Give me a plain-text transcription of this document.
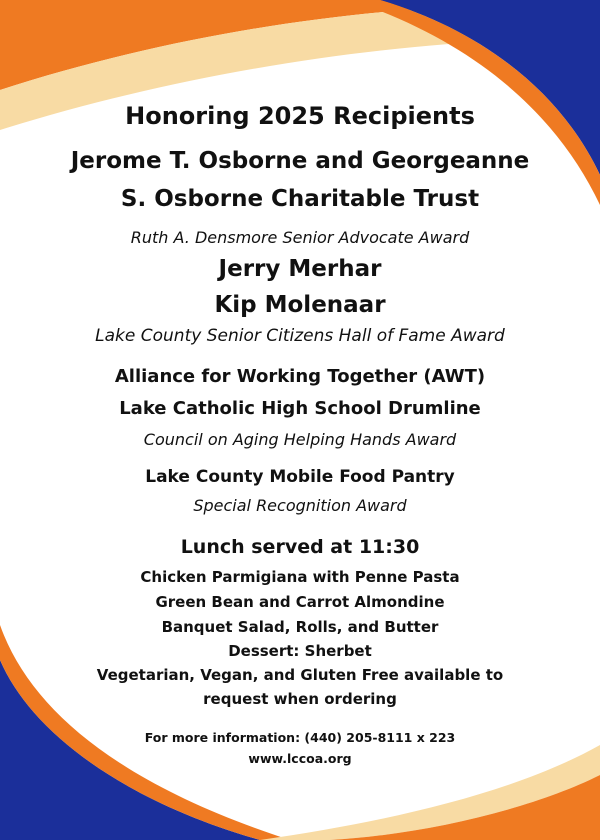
Honoring 2025 Recipients
Jerome T. Osborne and Georgeanne
S. Osborne Charitable Trust
Ruth A. Densmore Senior Advocate Award
Jerry Merhar
Kip Molenaar
Lake County Senior Citizens Hall of Fame Award
Alliance for Working Together (AWT)
Lake Catholic High School Drumline
Council on Aging Helping Hands Award
Lake County Mobile Food Pantry
Special Recognition Award
Lunch served at 11:30
Chicken Parmigiana with Penne Pasta
Green Bean and Carrot Almondine
Banquet Salad, Rolls, and Butter
Dessert: Sherbet
Vegetarian, Vegan, and Gluten Free available to
request when ordering
For more information: (440) 205-8111 x 223
www.lccoa.org
